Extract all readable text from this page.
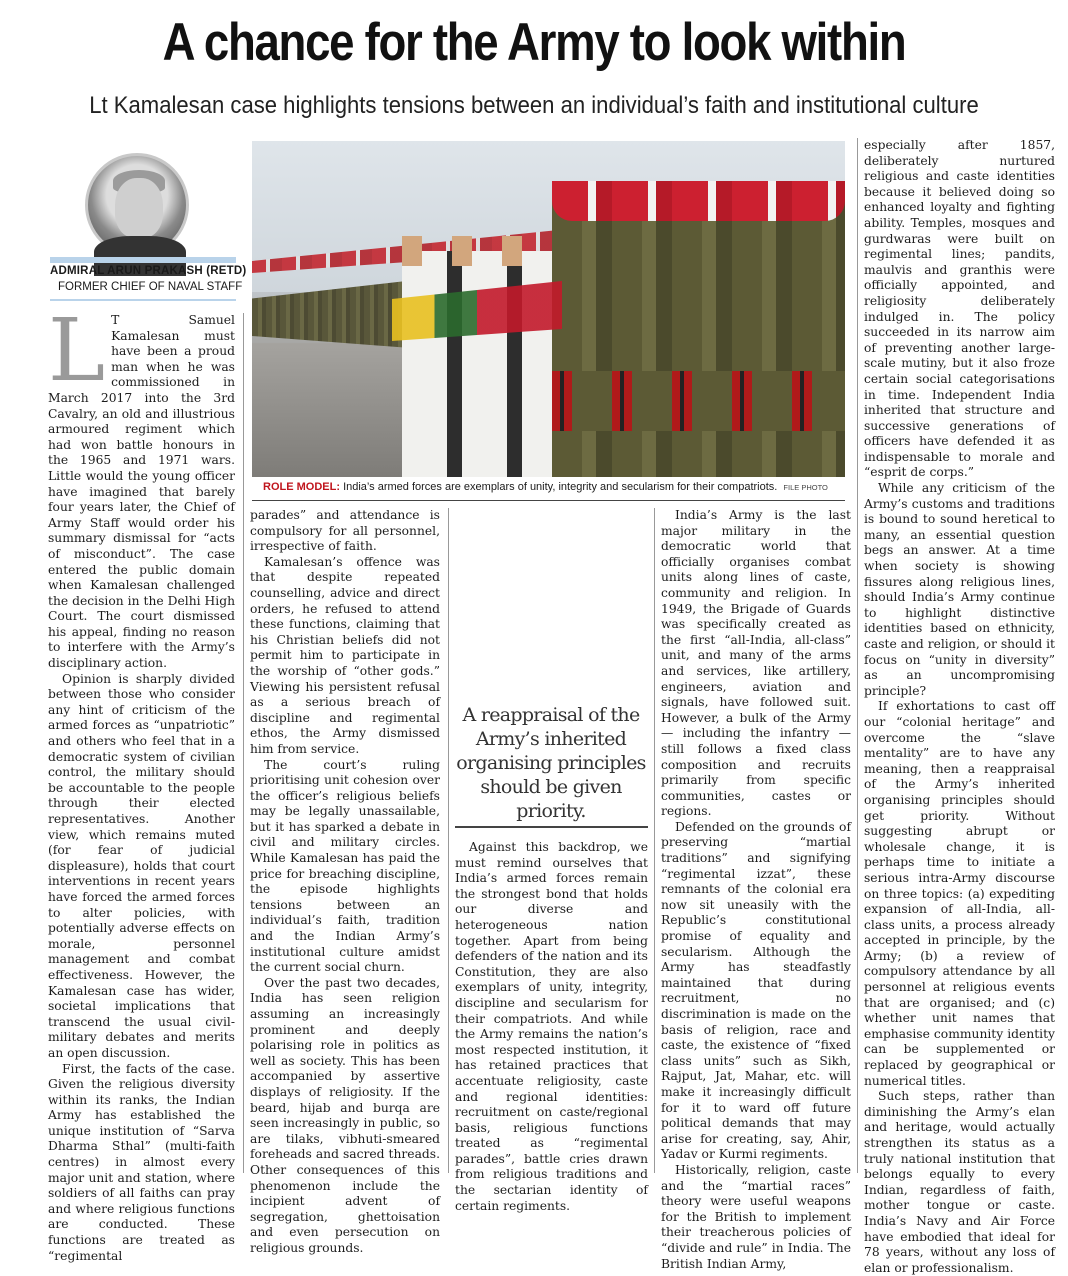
A chance for the Army to look within
Lt Kamalesan case highlights tensions between an individual’s faith and institutional culture
ADMIRAL ARUN PRAKASH (RETD)
FORMER CHIEF OF NAVAL STAFF
ROLE MODEL: India’s armed forces are exemplars of unity, integrity and secularism for their compatriots. FILE PHOTO

L T Samuel Kamalesan must have been a proud man when he was commissioned in March 2017 into the 3rd Cavalry, an old and illustrious armoured regiment which had won battle honours in the 1965 and 1971 wars. Little would the young officer have imagined that barely four years later, the Chief of Army Staff would order his summary dismissal for “acts of misconduct”. The case entered the public domain when Kamalesan challenged the decision in the Delhi High Court. The court dismissed his appeal, finding no reason to interfere with the Army’s disciplinary action.

Opinion is sharply divided between those who consider any hint of criticism of the armed forces as “unpatriotic” and others who feel that in a democratic system of civilian control, the military should be accountable to the people through their elected representatives. Another view, which remains muted (for fear of judicial displeasure), holds that court interventions in recent years have forced the armed forces to alter policies, with potentially adverse effects on morale, personnel management and combat effectiveness. However, the Kamalesan case has wider, societal implications that transcend the usual civil-military debates and merits an open discussion.

First, the facts of the case. Given the religious diversity within its ranks, the Indian Army has established the unique institution of “Sarva Dharma Sthal” (multi-faith centres) in almost every major unit and station, where soldiers of all faiths can pray and where religious functions are conducted. These functions are treated as “regimental

parades” and attendance is compulsory for all personnel, irrespective of faith.

Kamalesan’s offence was that despite repeated counselling, advice and direct orders, he refused to attend these functions, claiming that his Christian beliefs did not permit him to participate in the worship of “other gods.” Viewing his persistent refusal as a serious breach of discipline and regimental ethos, the Army dismissed him from service.

The court’s ruling prioritising unit cohesion over the officer’s religious beliefs may be legally unassailable, but it has sparked a debate in civil and military circles. While Kamalesan has paid the price for breaching discipline, the episode highlights tensions between an individual’s faith, tradition and the Indian Army’s institutional culture amidst the current social churn.

Over the past two decades, India has seen religion assuming an increasingly prominent and deeply polarising role in politics as well as society. This has been accompanied by assertive displays of religiosity. If the beard, hijab and burqa are seen increasingly in public, so are tilaks, vibhuti-smeared foreheads and sacred threads. Other consequences of this phenomenon include the incipient advent of segregation, ghettoisation and even persecution on religious grounds.

A reappraisal of the Army’s inherited organising principles should be given priority.

Against this backdrop, we must remind ourselves that India’s armed forces remain the strongest bond that holds our diverse and heterogeneous nation together. Apart from being defenders of the nation and its Constitution, they are also exemplars of unity, integrity, discipline and secularism for their compatriots. And while the Army remains the nation’s most respected institution, it has retained practices that accentuate religiosity, caste and regional identities: recruitment on caste/regional basis, religious functions treated as “regimental parades”, battle cries drawn from religious traditions and the sectarian identity of certain regiments.

India’s Army is the last major military in the democratic world that officially organises combat units along lines of caste, community and religion. In 1949, the Brigade of Guards was specifically created as the first “all-India, all-class” unit, and many of the arms and services, like artillery, engineers, aviation and signals, have followed suit. However, a bulk of the Army — including the infantry — still follows a fixed class composition and recruits primarily from specific communities, castes or regions.

Defended on the grounds of preserving “martial traditions” and signifying “regimental izzat”, these remnants of the colonial era now sit uneasily with the Republic’s constitutional promise of equality and secularism. Although the Army has steadfastly maintained that during recruitment, no discrimination is made on the basis of religion, race and caste, the existence of “fixed class units” such as Sikh, Rajput, Jat, Mahar, etc. will make it increasingly difficult for it to ward off future political demands that may arise for creating, say, Ahir, Yadav or Kurmi regiments.

Historically, religion, caste and the “martial races” theory were useful weapons for the British to implement their treacherous policies of “divide and rule” in India. The British Indian Army,

especially after 1857, deliberately nurtured religious and caste identities because it believed doing so enhanced loyalty and fighting ability. Temples, mosques and gurdwaras were built on regimental lines; pandits, maulvis and granthis were officially appointed, and religiosity deliberately indulged in. The policy succeeded in its narrow aim of preventing another large-scale mutiny, but it also froze certain social categorisations in time. Independent India inherited that structure and successive generations of officers have defended it as indispensable to morale and “esprit de corps.”

While any criticism of the Army’s customs and traditions is bound to sound heretical to many, an essential question begs an answer. At a time when society is showing fissures along religious lines, should India’s Army continue to highlight distinctive identities based on ethnicity, caste and religion, or should it focus on “unity in diversity” as an uncompromising principle?

If exhortations to cast off our “colonial heritage” and overcome the “slave mentality” are to have any meaning, then a reappraisal of the Army’s inherited organising principles should get priority. Without suggesting abrupt or wholesale change, it is perhaps time to initiate a serious intra-Army discourse on three topics: (a) expediting expansion of all-India, all-class units, a process already accepted in principle, by the Army; (b) a review of compulsory attendance by all personnel at religious events that are organised; and (c) whether unit names that emphasise community identity can be supplemented or replaced by geographical or numerical titles.

Such steps, rather than diminishing the Army’s elan and heritage, would actually strengthen its status as a truly national institution that belongs equally to every Indian, regardless of faith, mother tongue or caste. India’s Navy and Air Force have embodied that ideal for 78 years, without any loss of elan or professionalism.
